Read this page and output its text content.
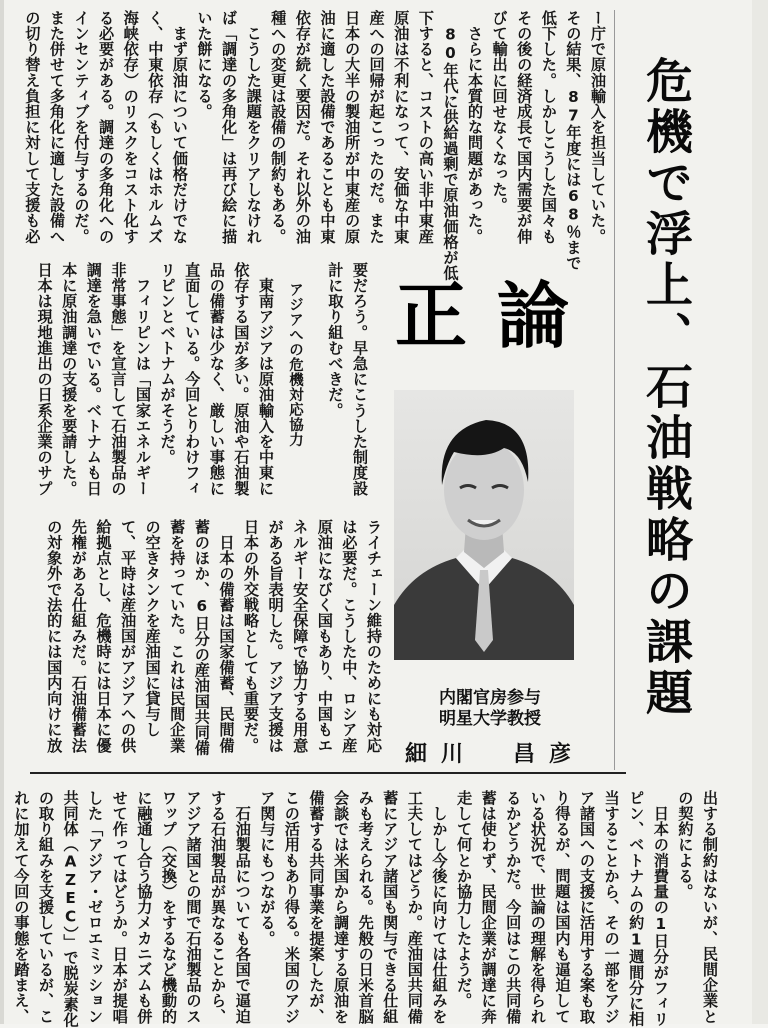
危機で浮上、石油戦略の課題
ー庁で原油輸入を担当していた。
その結果、87年度には68％まで
低下した。しかしこうした国々も
その後の経済成長で国内需要が伸
びて輸出に回せなくなった。
　さらに本質的な問題があった。
　80年代に供給過剰で原油価格が低
下すると、コストの高い非中東産
原油は不利になって、安価な中東
産への回帰が起こったのだ。また
日本の大半の製油所が中東産の原
油に適した設備であることも中東
依存が続く要因だ。それ以外の油
種への変更は設備の制約もある。
　こうした課題をクリアしなけれ
ば「調達の多角化」は再び絵に描
いた餅になる。
　まず原油について価格だけでな
く、中東依存（もしくはホルムズ
海峡依存）のリスクをコスト化す
る必要がある。調達の多角化への
インセンティブを付与するのだ。
また併せて多角化に適した設備へ
の切り替え負担に対して支援も必
正論
要だろう。早急にこうした制度設
計に取り組むべきだ。
アジアへの危機対応協力
　東南アジアは原油輸入を中東に
依存する国が多い。原油や石油製
品の備蓄は少なく、厳しい事態に
直面している。今回とりわけフィ
リピンとベトナムがそうだ。
　フィリピンは「国家エネルギー
非常事態」を宣言して石油製品の
調達を急いでいる。ベトナムも日
本に原油調達の支援を要請した。
日本は現地進出の日系企業のサプ
内閣官房参与
明星大学教授
細川　昌彦
ライチェーン維持のためにも対応
は必要だ。こうした中、ロシア産
原油になびく国もあり、中国もエ
ネルギー安全保障で協力する用意
がある旨表明した。アジア支援は
日本の外交戦略としても重要だ。
　日本の備蓄は国家備蓄、民間備
蓄のほか、6日分の産油国共同備
蓄を持っていた。これは民間企業
の空きタンクを産油国に貸与し
て、平時は産油国がアジアへの供
給拠点とし、危機時には日本に優
先権がある仕組みだ。石油備蓄法
の対象外で法的には国内向けに放
出する制約はないが、民間企業と
の契約による。
　日本の消費量の1日分がフィリ
ピン、ベトナムの約1週間分に相
当することから、その一部をアジ
ア諸国への支援に活用する案も取
り得るが、問題は国内も逼迫して
いる状況で、世論の理解を得られ
るかどうかだ。今回はこの共同備
蓄は使わず、民間企業が調達に奔
走して何とか協力したようだ。
　しかし今後に向けては仕組みを
工夫してはどうか。産油国共同備
蓄にアジア諸国も関与できる仕組
みも考えられる。先般の日米首脳
会談では米国から調達する原油を
備蓄する共同事業を提案したが、
この活用もあり得る。米国のアジ
ア関与にもつながる。
　石油製品についても各国で逼迫
する石油製品が異なることから、
アジア諸国との間で石油製品のス
ワップ（交換）をするなど機動的
に融通し合う協力メカニズムも併
せて作ってはどうか。日本が提唱
した「アジア・ゼロエミッション
共同体（AZEC）」で脱炭素化
の取り組みを支援しているが、こ
れに加えて今回の事態を踏まえ、
